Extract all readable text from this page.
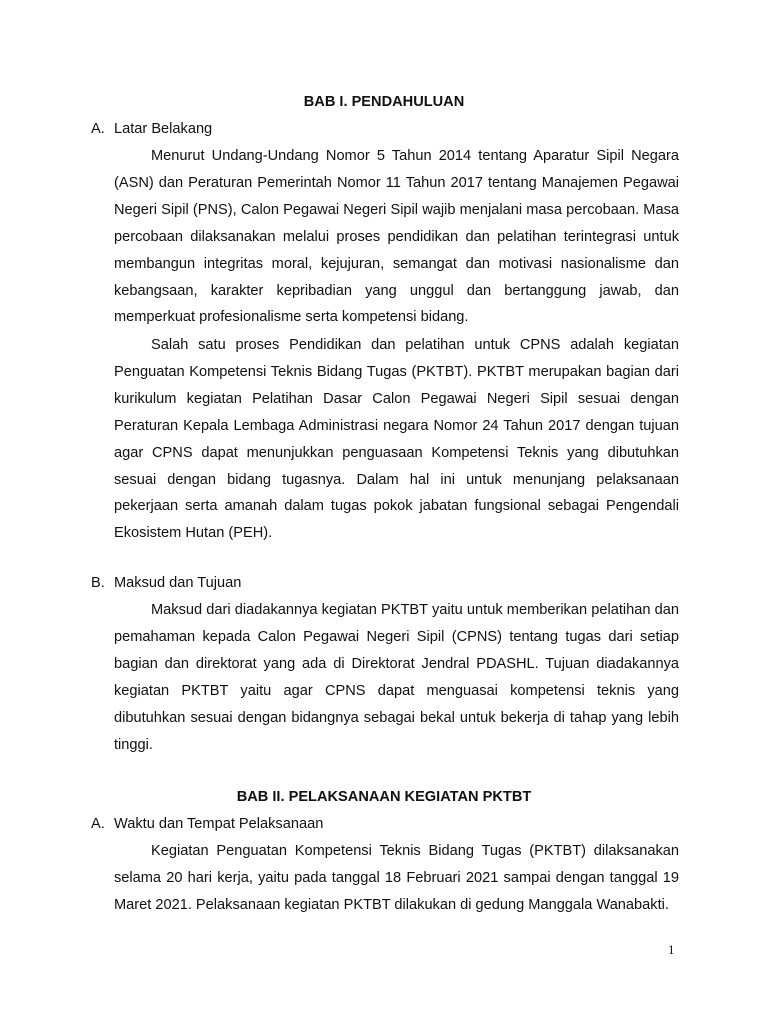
BAB I. PENDAHULUAN
A. Latar Belakang

Menurut Undang-Undang Nomor 5 Tahun 2014 tentang Aparatur Sipil Negara (ASN) dan Peraturan Pemerintah Nomor 11 Tahun 2017 tentang Manajemen Pegawai Negeri Sipil (PNS), Calon Pegawai Negeri Sipil wajib menjalani masa percobaan. Masa percobaan dilaksanakan melalui proses pendidikan dan pelatihan terintegrasi untuk membangun integritas moral, kejujuran, semangat dan motivasi nasionalisme dan kebangsaan, karakter kepribadian yang unggul dan bertanggung jawab, dan memperkuat profesionalisme serta kompetensi bidang.

Salah satu proses Pendidikan dan pelatihan untuk CPNS adalah kegiatan Penguatan Kompetensi Teknis Bidang Tugas (PKTBT). PKTBT merupakan bagian dari kurikulum kegiatan Pelatihan Dasar Calon Pegawai Negeri Sipil sesuai dengan Peraturan Kepala Lembaga Administrasi negara Nomor 24 Tahun 2017 dengan tujuan agar CPNS dapat menunjukkan penguasaan Kompetensi Teknis yang dibutuhkan sesuai dengan bidang tugasnya. Dalam hal ini untuk menunjang pelaksanaan pekerjaan serta amanah dalam tugas pokok jabatan fungsional sebagai Pengendali Ekosistem Hutan (PEH).

B. Maksud dan Tujuan

Maksud dari diadakannya kegiatan PKTBT yaitu untuk memberikan pelatihan dan pemahaman kepada Calon Pegawai Negeri Sipil (CPNS) tentang tugas dari setiap bagian dan direktorat yang ada di Direktorat Jendral PDASHL. Tujuan diadakannya kegiatan PKTBT yaitu agar CPNS dapat menguasai kompetensi teknis yang dibutuhkan sesuai dengan bidangnya sebagai bekal untuk bekerja di tahap yang lebih tinggi.

BAB II. PELAKSANAAN KEGIATAN PKTBT
A. Waktu dan Tempat Pelaksanaan

Kegiatan Penguatan Kompetensi Teknis Bidang Tugas (PKTBT) dilaksanakan selama 20 hari kerja, yaitu pada tanggal 18 Februari 2021 sampai dengan tanggal 19 Maret 2021. Pelaksanaan kegiatan PKTBT dilakukan di gedung Manggala Wanabakti.

1
